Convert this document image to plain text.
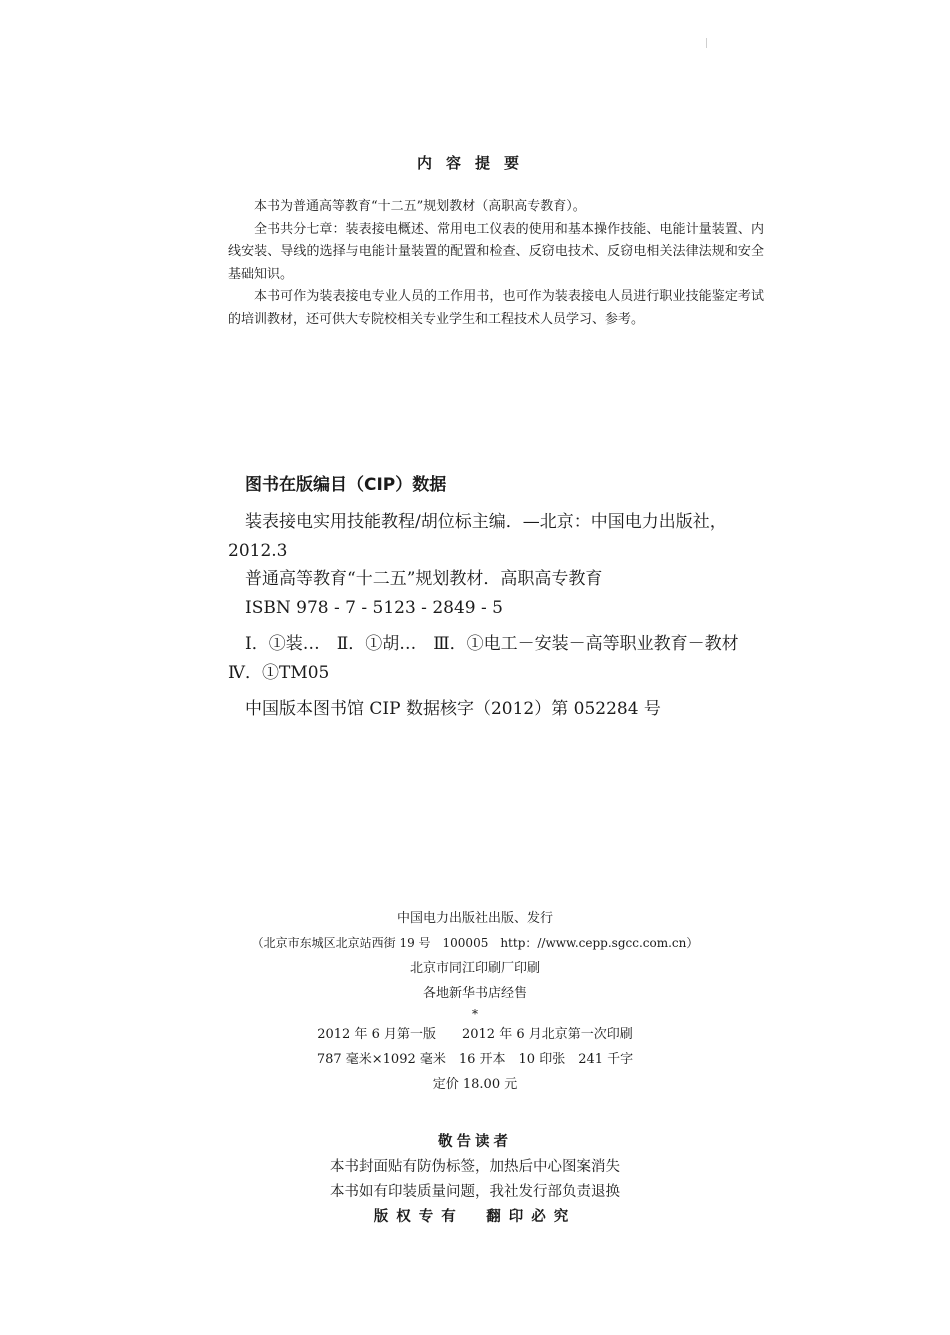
内容提要

本书为普通高等教育“十二五”规划教材（高职高专教育）。

全书共分七章：装表接电概述、常用电工仪表的使用和基本操作技能、电能计量装置、内线安装、导线的选择与电能计量装置的配置和检查、反窃电技术、反窃电相关法律法规和安全基础知识。

本书可作为装表接电专业人员的工作用书，也可作为装表接电人员进行职业技能鉴定考试的培训教材，还可供大专院校相关专业学生和工程技术人员学习、参考。

图书在版编目（CIP）数据

装表接电实用技能教程/胡位标主编．—北京：中国电力出版社，2012.3

普通高等教育“十二五”规划教材．高职高专教育

ISBN 978 - 7 - 5123 - 2849 - 5

Ⅰ．①装…　Ⅱ．①胡…　Ⅲ．①电工－安装－高等职业教育－教材　Ⅳ．①TM05

中国版本图书馆 CIP 数据核字（2012）第 052284 号

中国电力出版社出版、发行

（北京市东城区北京站西街 19 号　100005　http：//www.cepp.sgcc.com.cn）

北京市同江印刷厂印刷

各地新华书店经售

*

2012 年 6 月第一版　　2012 年 6 月北京第一次印刷

787 毫米×1092 毫米　16 开本　10 印张　241 千字

定价 18.00 元

敬告读者

本书封面贴有防伪标签，加热后中心图案消失

本书如有印装质量问题，我社发行部负责退换

版权专有　翻印必究
